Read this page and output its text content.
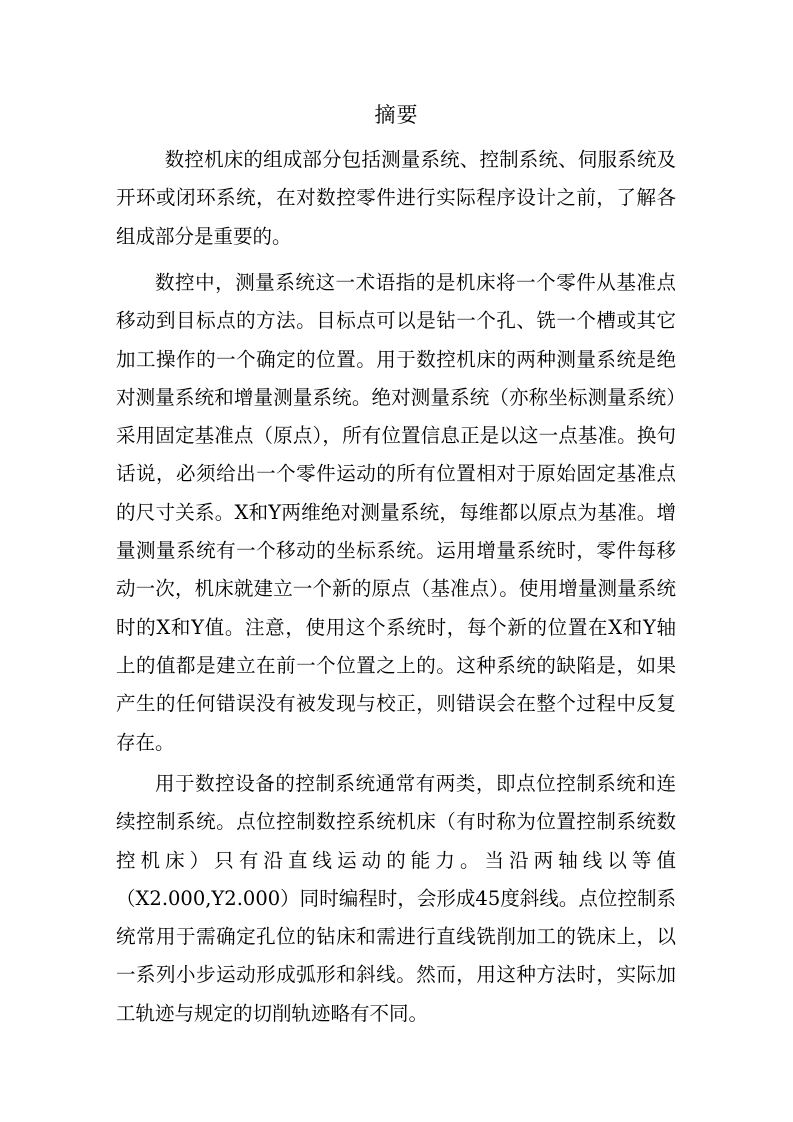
摘要

数控机床的组成部分包括测量系统、控制系统、伺服系统及开环或闭环系统，在对数控零件进行实际程序设计之前，了解各组成部分是重要的。

数控中，测量系统这一术语指的是机床将一个零件从基准点移动到目标点的方法。目标点可以是钻一个孔、铣一个槽或其它加工操作的一个确定的位置。用于数控机床的两种测量系统是绝对测量系统和增量测量系统。绝对测量系统（亦称坐标测量系统）采用固定基准点（原点），所有位置信息正是以这一点基准。换句话说，必须给出一个零件运动的所有位置相对于原始固定基准点的尺寸关系。X和Y两维绝对测量系统，每维都以原点为基准。增量测量系统有一个移动的坐标系统。运用增量系统时，零件每移动一次，机床就建立一个新的原点（基准点）。使用增量测量系统时的X和Y值。注意，使用这个系统时，每个新的位置在X和Y轴上的值都是建立在前一个位置之上的。这种系统的缺陷是，如果产生的任何错误没有被发现与校正，则错误会在整个过程中反复存在。

用于数控设备的控制系统通常有两类，即点位控制系统和连续控制系统。点位控制数控系统机床（有时称为位置控制系统数控机床）只有沿直线运动的能力。当沿两轴线以等值（X2.000,Y2.000）同时编程时，会形成45度斜线。点位控制系统常用于需确定孔位的钻床和需进行直线铣削加工的铣床上，以一系列小步运动形成弧形和斜线。然而，用这种方法时，实际加工轨迹与规定的切削轨迹略有不同。
